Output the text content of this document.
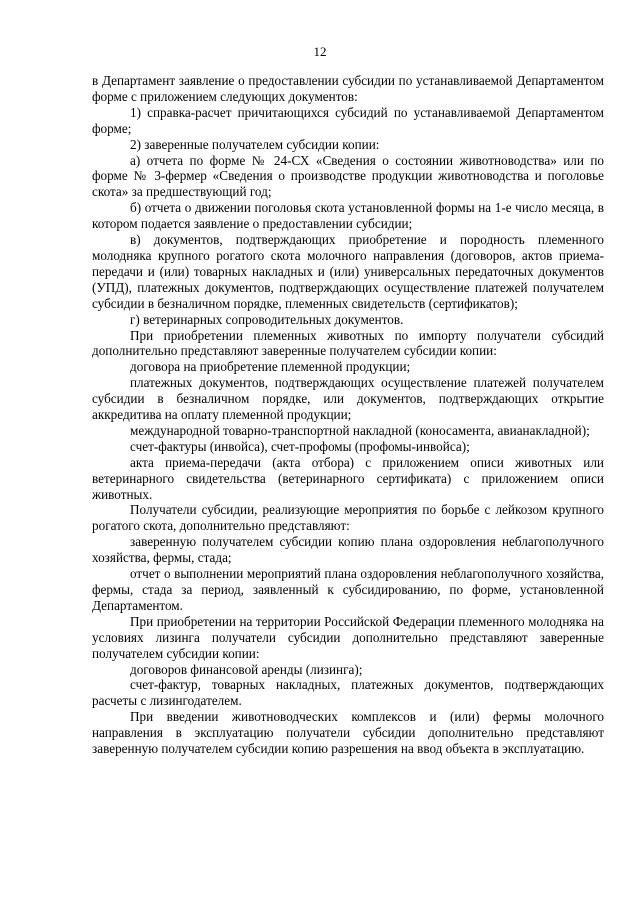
12

в Департамент заявление о предоставлении субсидии по устанавливаемой Департаментом форме с приложением следующих документов:

1) справка-расчет причитающихся субсидий по устанавливаемой Департаментом форме;

2) заверенные получателем субсидии копии:

а) отчета по форме № 24-СХ «Сведения о состоянии животноводства» или по форме № 3-фермер «Сведения о производстве продукции животноводства и поголовье скота» за предшествующий год;

б) отчета о движении поголовья скота установленной формы на 1-е число месяца, в котором подается заявление о предоставлении субсидии;

в) документов, подтверждающих приобретение и породность племенного молодняка крупного рогатого скота молочного направления (договоров, актов приема-передачи и (или) товарных накладных и (или) универсальных передаточных документов (УПД), платежных документов, подтверждающих осуществление платежей получателем субсидии в безналичном порядке, племенных свидетельств (сертификатов);

г) ветеринарных сопроводительных документов.

При приобретении племенных животных по импорту получатели субсидий дополнительно представляют заверенные получателем субсидии копии:

договора на приобретение племенной продукции;

платежных документов, подтверждающих осуществление платежей получателем субсидии в безналичном порядке, или документов, подтверждающих открытие аккредитива на оплату племенной продукции;

международной товарно-транспортной накладной (коносамента, авианакладной);

счет-фактуры (инвойса), счет-профомы (профомы-инвойса);

акта приема-передачи (акта отбора) с приложением описи животных или ветеринарного свидетельства (ветеринарного сертификата) с приложением описи животных.

Получатели субсидии, реализующие мероприятия по борьбе с лейкозом крупного рогатого скота, дополнительно представляют:

заверенную получателем субсидии копию плана оздоровления неблагополучного хозяйства, фермы, стада;

отчет о выполнении мероприятий плана оздоровления неблагополучного хозяйства, фермы, стада за период, заявленный к субсидированию, по форме, установленной Департаментом.

При приобретении на территории Российской Федерации племенного молодняка на условиях лизинга получатели субсидии дополнительно представляют заверенные получателем субсидии копии:

договоров финансовой аренды (лизинга);

счет-фактур, товарных накладных, платежных документов, подтверждающих расчеты с лизингодателем.

При введении животноводческих комплексов и (или) фермы молочного направления в эксплуатацию получатели субсидии дополнительно представляют заверенную получателем субсидии копию разрешения на ввод объекта в эксплуатацию.
